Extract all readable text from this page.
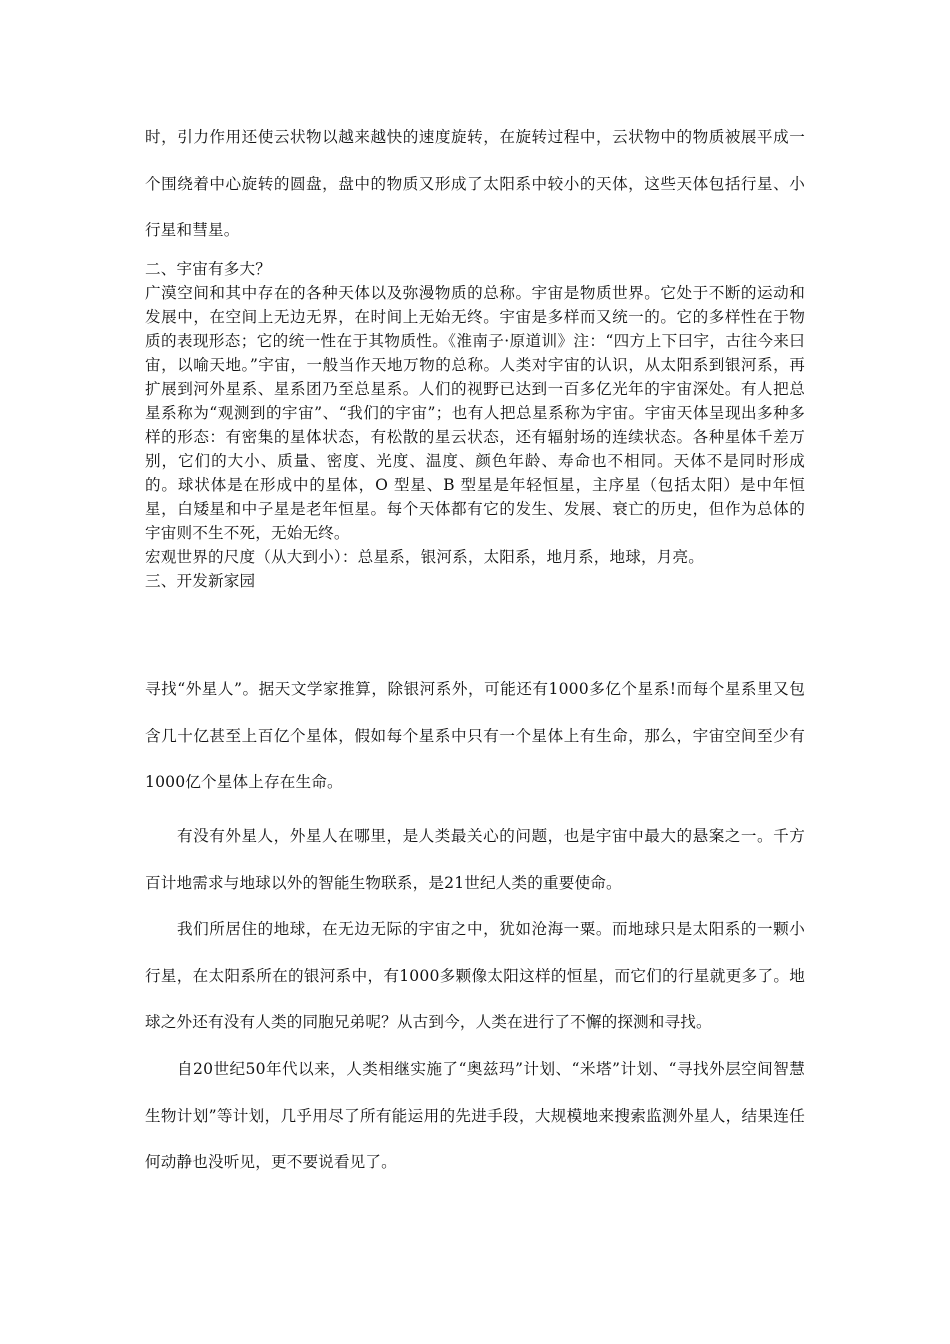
时，引力作用还使云状物以越来越快的速度旋转，在旋转过程中，云状物中的物质被展平成一个围绕着中心旋转的圆盘，盘中的物质又形成了太阳系中较小的天体，这些天体包括行星、小行星和彗星。
二、宇宙有多大？
广漠空间和其中存在的各种天体以及弥漫物质的总称。宇宙是物质世界。它处于不断的运动和发展中，在空间上无边无界，在时间上无始无终。宇宙是多样而又统一的。它的多样性在于物质的表现形态；它的统一性在于其物质性。《淮南子·原道训》注：“四方上下曰宇，古往今来曰宙，以喻天地。”宇宙，一般当作天地万物的总称。人类对宇宙的认识，从太阳系到银河系，再扩展到河外星系、星系团乃至总星系。人们的视野已达到一百多亿光年的宇宙深处。有人把总星系称为“观测到的宇宙”、“我们的宇宙”；也有人把总星系称为宇宙。宇宙天体呈现出多种多样的形态：有密集的星体状态，有松散的星云状态，还有辐射场的连续状态。各种星体千差万别，它们的大小、质量、密度、光度、温度、颜色年龄、寿命也不相同。天体不是同时形成的。球状体是在形成中的星体，O 型星、B 型星是年轻恒星，主序星（包括太阳）是中年恒星，白矮星和中子星是老年恒星。每个天体都有它的发生、发展、衰亡的历史，但作为总体的宇宙则不生不死，无始无终。
宏观世界的尺度（从大到小）：总星系，银河系，太阳系，地月系，地球，月亮。
三、开发新家园
寻找“外星人”。据天文学家推算，除银河系外，可能还有1000多亿个星系!而每个星系里又包含几十亿甚至上百亿个星体，假如每个星系中只有一个星体上有生命，那么，宇宙空间至少有1000亿个星体上存在生命。
有没有外星人，外星人在哪里，是人类最关心的问题，也是宇宙中最大的悬案之一。千方百计地需求与地球以外的智能生物联系，是21世纪人类的重要使命。
我们所居住的地球，在无边无际的宇宙之中，犹如沧海一粟。而地球只是太阳系的一颗小行星，在太阳系所在的银河系中，有1000多颗像太阳这样的恒星，而它们的行星就更多了。地球之外还有没有人类的同胞兄弟呢？从古到今，人类在进行了不懈的探测和寻找。
自20世纪50年代以来，人类相继实施了“奥兹玛”计划、“米塔”计划、“寻找外层空间智慧生物计划”等计划，几乎用尽了所有能运用的先进手段，大规模地来搜索监测外星人，结果连任何动静也没听见，更不要说看见了。
